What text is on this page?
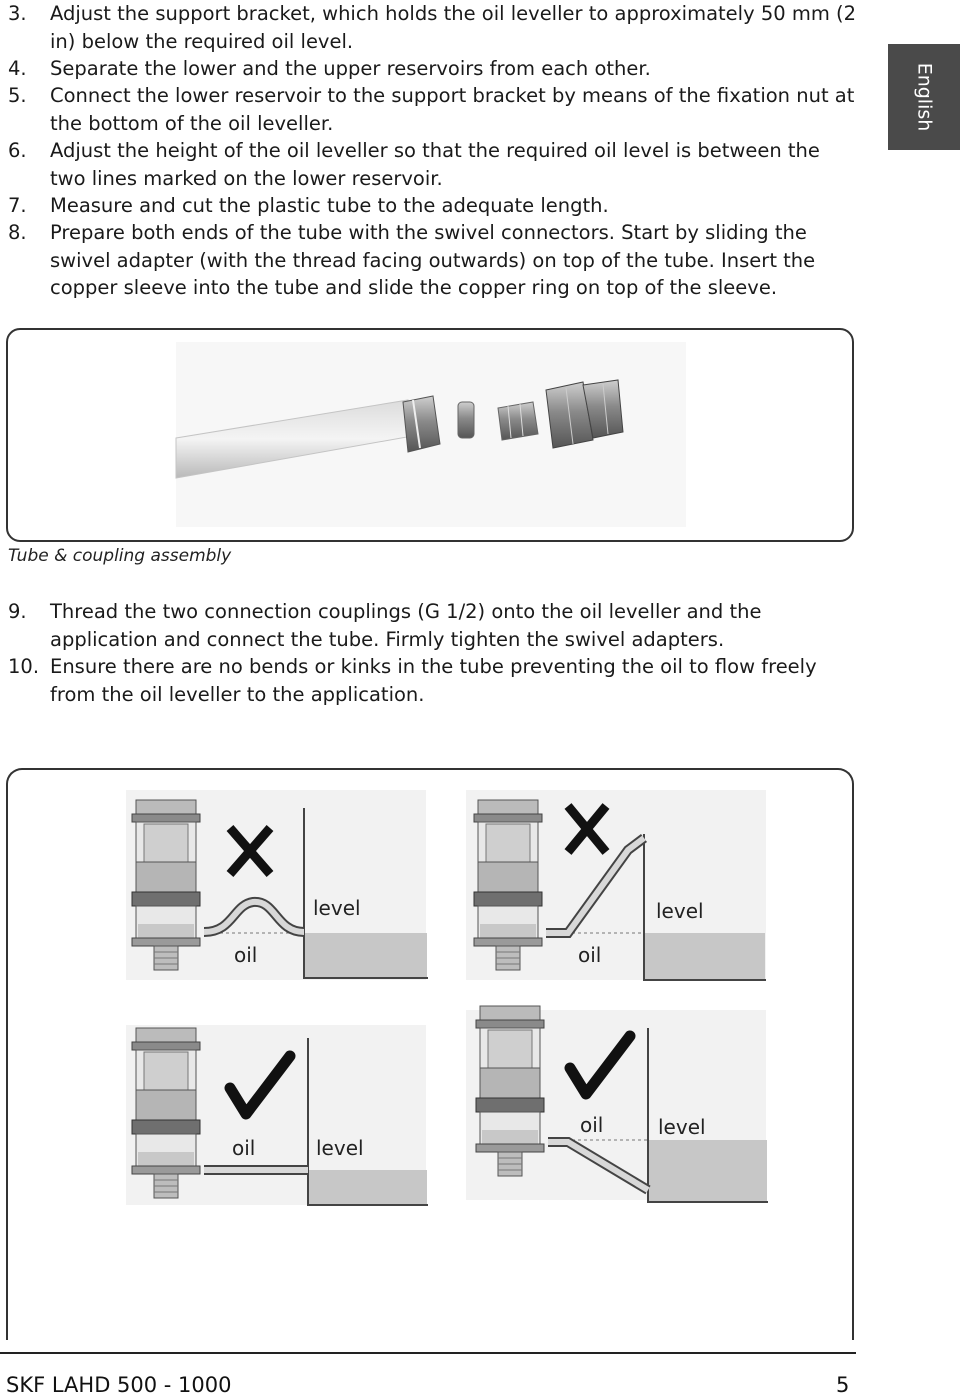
English
3. Adjust the support bracket, which holds the oil leveller to approximately 50 mm (2 in) below the required oil level.
4. Separate the lower and the upper reservoirs from each other.
5. Connect the lower reservoir to the support bracket by means of the fixation nut at the bottom of the oil leveller.
6. Adjust the height of the oil leveller so that the required oil level is between the two lines marked on the lower reservoir.
7. Measure and cut the plastic tube to the adequate length.
8. Prepare both ends of the tube with the swivel connectors. Start by sliding the swivel adapter (with the thread facing outwards) on top of the tube. Insert the copper sleeve into the tube and slide the copper ring on top of the sleeve.
Tube & coupling assembly
9. Thread the two connection couplings (G 1/2) onto the oil leveller and the application and connect the tube. Firmly tighten the swivel adapters.
10. Ensure there are no bends or kinks in the tube preventing the oil to flow freely from the oil leveller to the application.
level
oil
level
oil
oil	level
oil	level
SKF LAHD 500 - 1000	5
